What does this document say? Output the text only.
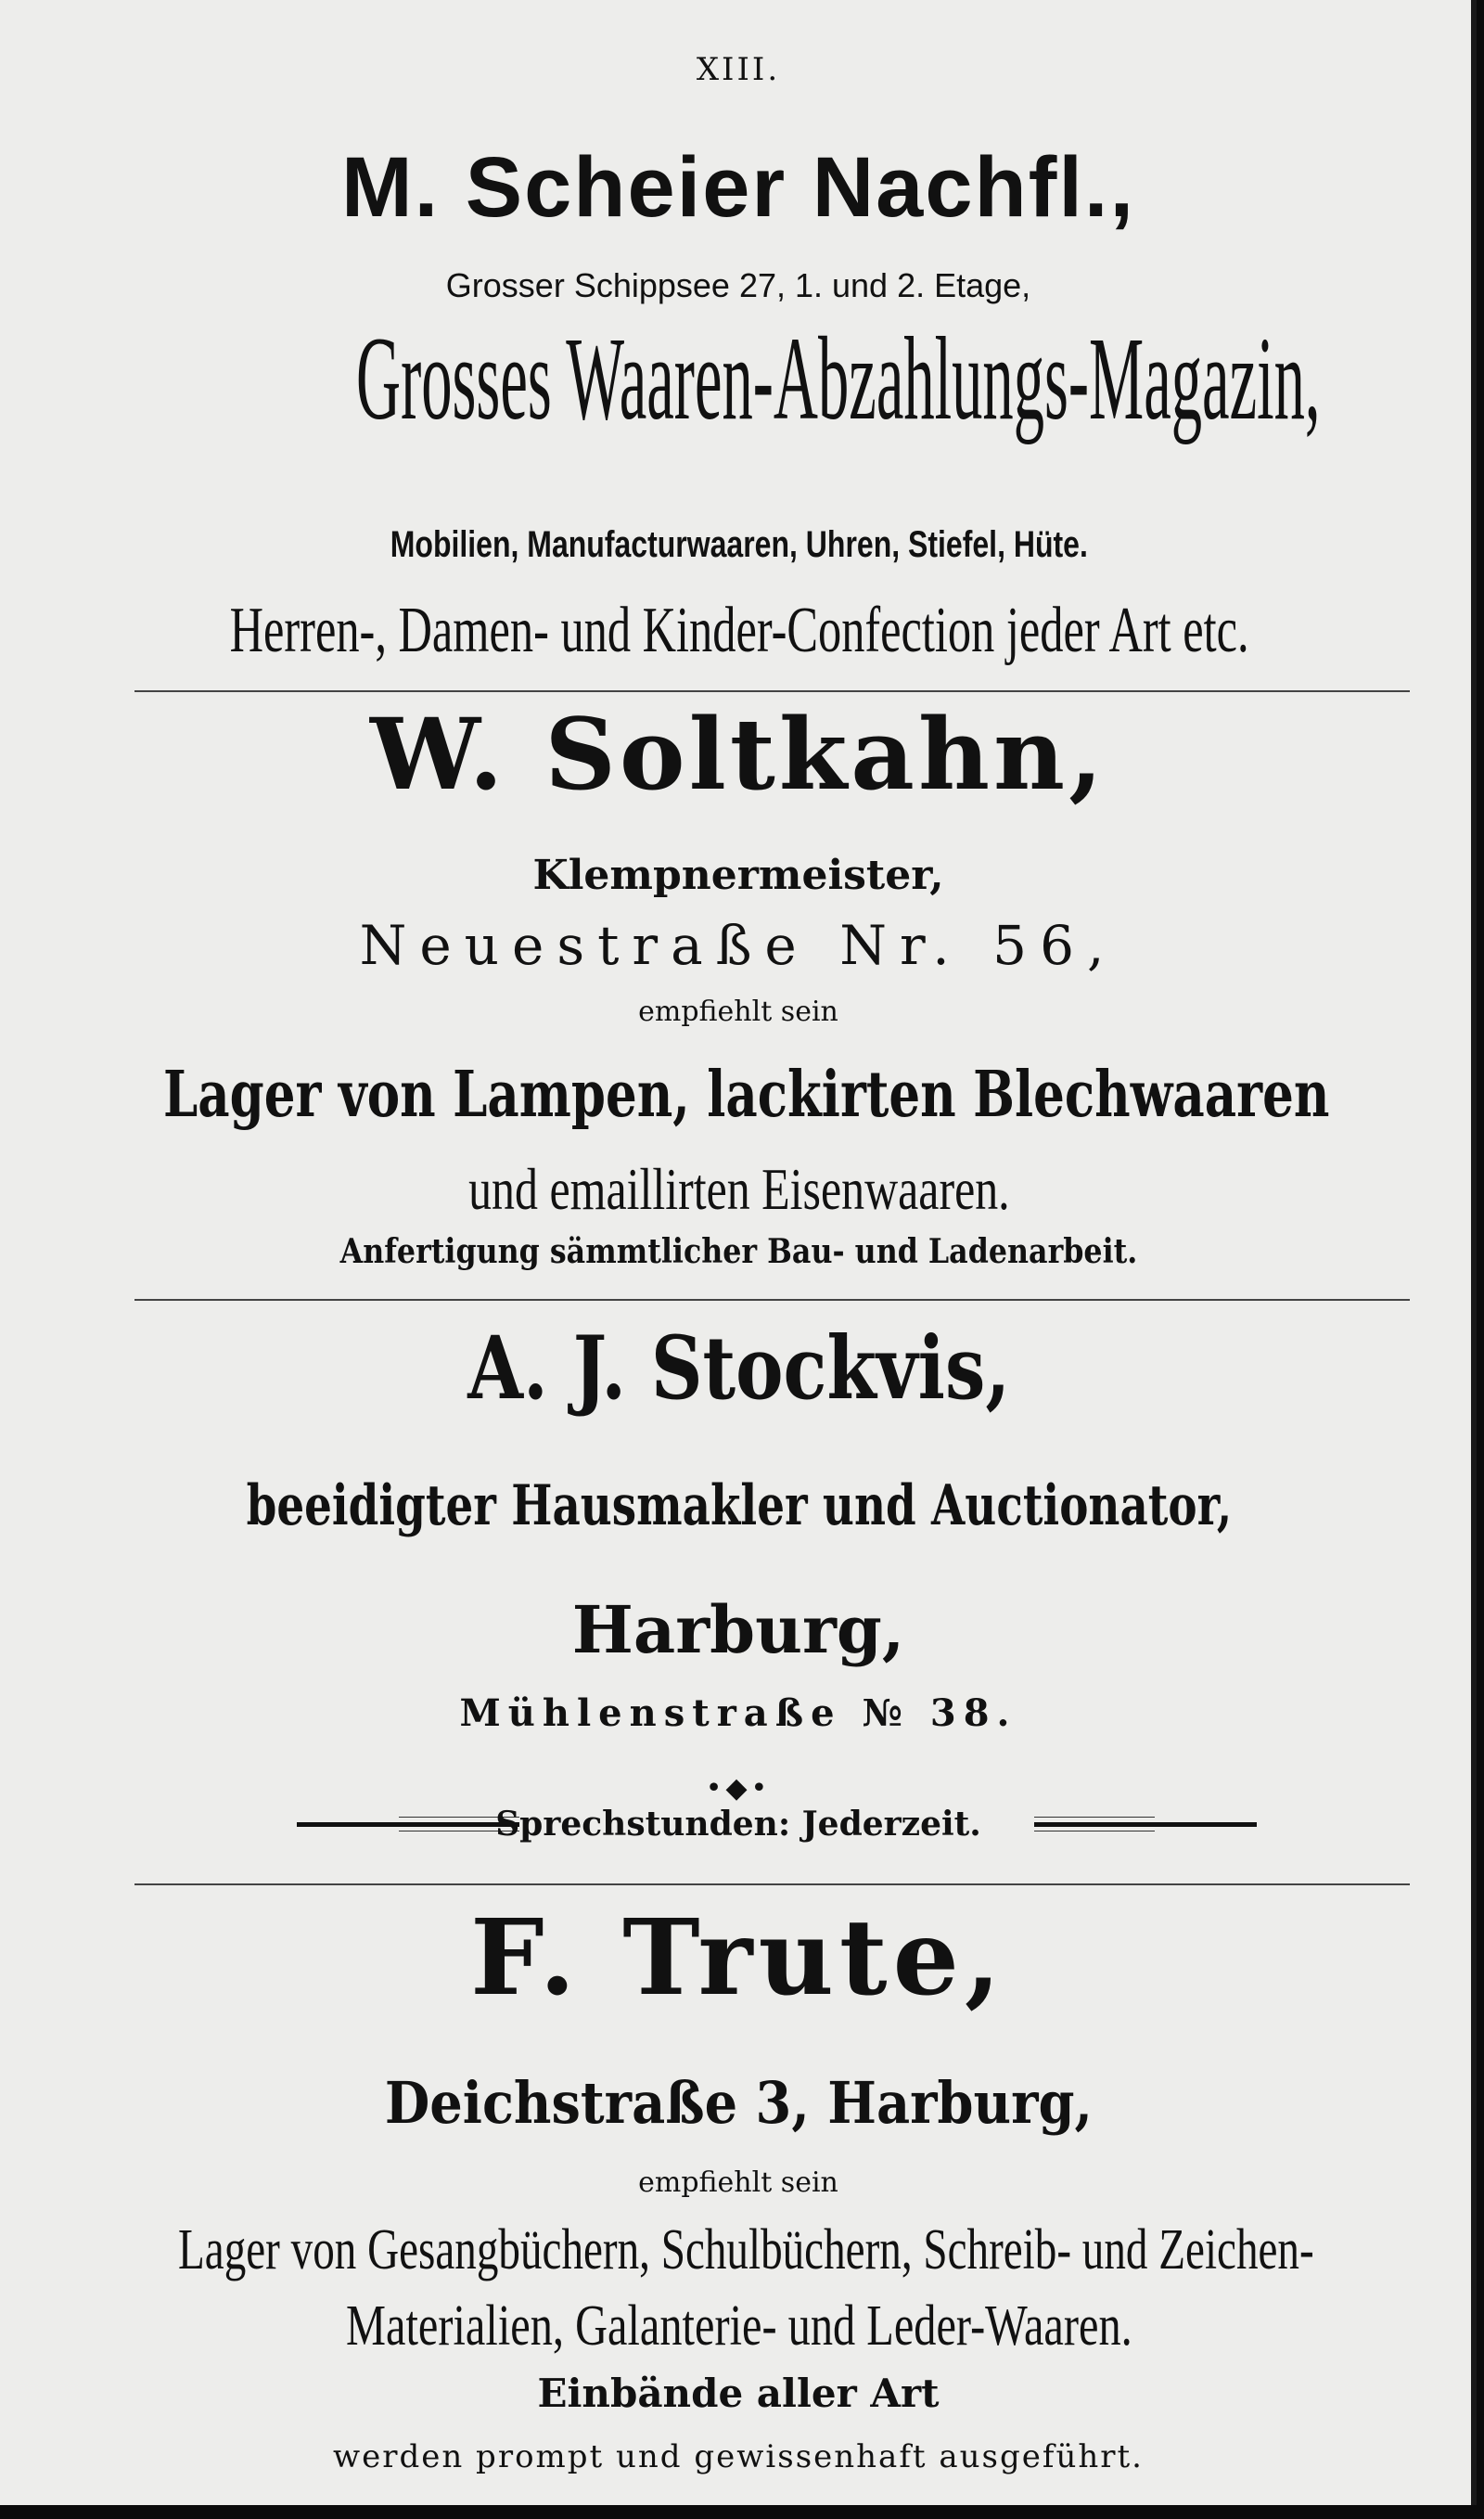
XIII.
M. Scheier Nachfl.,
Grosser Schippsee 27, 1. und 2. Etage,
Grosses Waaren-Abzahlungs-Magazin,
Mobilien, Manufacturwaaren, Uhren, Stiefel, Hüte.
Herren-, Damen- und Kinder-Confection jeder Art etc.
W. Soltkahn,
Klempnermeister,
Neuestraße Nr. 56,
empfiehlt sein
Lager von Lampen, lackirten Blechwaaren
und emaillirten Eisenwaaren.
Anfertigung sämmtlicher Bau- und Ladenarbeit.
A. J. Stockvis,
beeidigter Hausmakler und Auctionator,
Harburg,
Mühlenstraße № 38.
•◆•
Sprechstunden: Jederzeit.
F. Trute,
Deichstraße 3, Harburg,
empfiehlt sein
Lager von Gesangbüchern, Schulbüchern, Schreib- und Zeichen-
Materialien, Galanterie- und Leder-Waaren.
Einbände aller Art
werden prompt und gewissenhaft ausgeführt.
